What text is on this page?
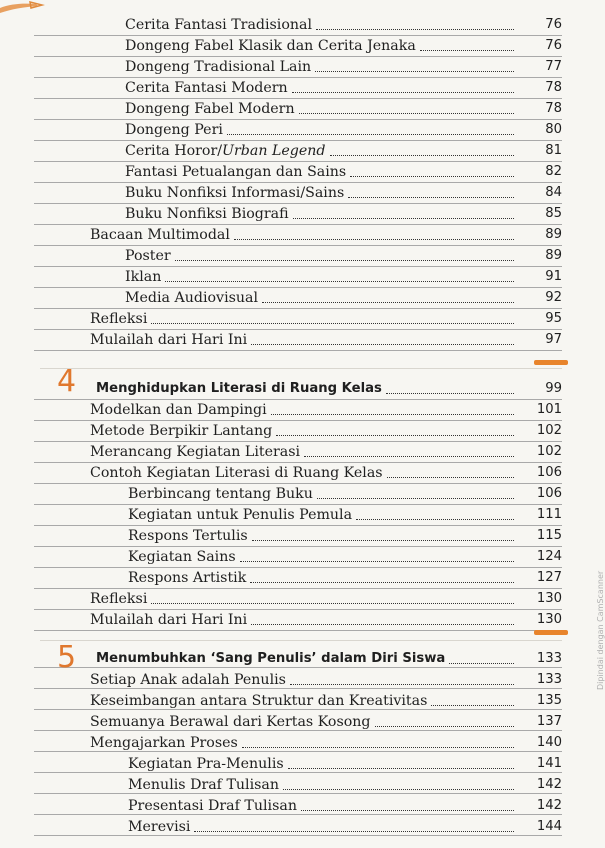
Cerita Fantasi Tradisional	76
Dongeng Fabel Klasik dan Cerita Jenaka	76
Dongeng Tradisional Lain	77
Cerita Fantasi Modern	78
Dongeng Fabel Modern	78
Dongeng Peri	80
Cerita Horor/Urban Legend	81
Fantasi Petualangan dan Sains	82
Buku Nonfiksi Informasi/Sains	84
Buku Nonfiksi Biografi	85
Bacaan Multimodal	89
Poster	89
Iklan	91
Media Audiovisual	92
Refleksi	95
Mulailah dari Hari Ini	97
4 Menghidupkan Literasi di Ruang Kelas	99
Modelkan dan Dampingi	101
Metode Berpikir Lantang	102
Merancang Kegiatan Literasi	102
Contoh Kegiatan Literasi di Ruang Kelas	106
Berbincang tentang Buku	106
Kegiatan untuk Penulis Pemula	111
Respons Tertulis	115
Kegiatan Sains	124
Respons Artistik	127
Refleksi	130
Mulailah dari Hari Ini	130
5 Menumbuhkan ‘Sang Penulis’ dalam Diri Siswa	133
Setiap Anak adalah Penulis	133
Keseimbangan antara Struktur dan Kreativitas	135
Semuanya Berawal dari Kertas Kosong	137
Mengajarkan Proses	140
Kegiatan Pra-Menulis	141
Menulis Draf Tulisan	142
Presentasi Draf Tulisan	142
Merevisi	144
Dipindai dengan CamScanner
